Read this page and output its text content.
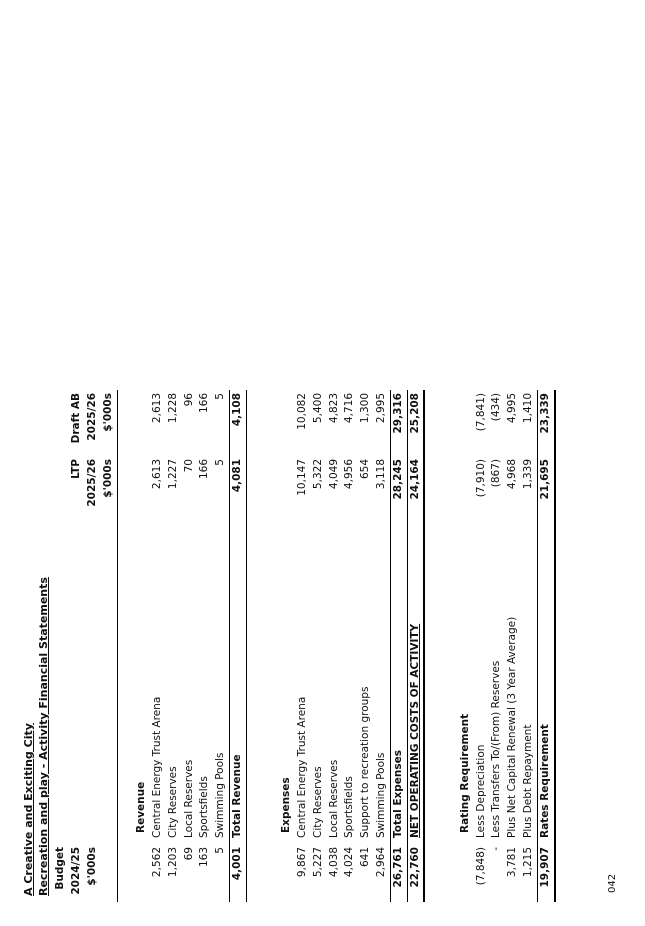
042
A Creative and Exciting City Recreation and play - Activity Financial Statements Budget			
2024/25		LTP	Draft AB
$'000s		2025/26	2025/26
		$'000s	$'000s

	Revenue		
2,562	Central Energy Trust Arena	2,613	2,613
1,203	City Reserves	1,227	1,228
69	Local Reserves	70	96
163	Sportsfields	166	166
5	Swimming Pools	5	5
4,001	Total Revenue	4,081	4,108

	Expenses		
9,867	Central Energy Trust Arena	10,147	10,082
5,227	City Reserves	5,322	5,400
4,038	Local Reserves	4,049	4,823
4,024	Sportsfields	4,956	4,716
641	Support to recreation groups	654	1,300
2,964	Swimming Pools	3,118	2,995
26,761	Total Expenses	28,245	29,316
22,760	NET OPERATING COSTS OF ACTIVITY	24,164	25,208

	Rating Requirement		
(7,848)	Less Depreciation	(7,910)	(7,841)
-	Less Transfers To/(From) Reserves	(867)	(434)
3,781	Plus Net Capital Renewal (3 Year Average)	4,968	4,995
1,215	Plus Debt Repayment	1,339	1,410
19,907	Rates Requirement	21,695	23,339
